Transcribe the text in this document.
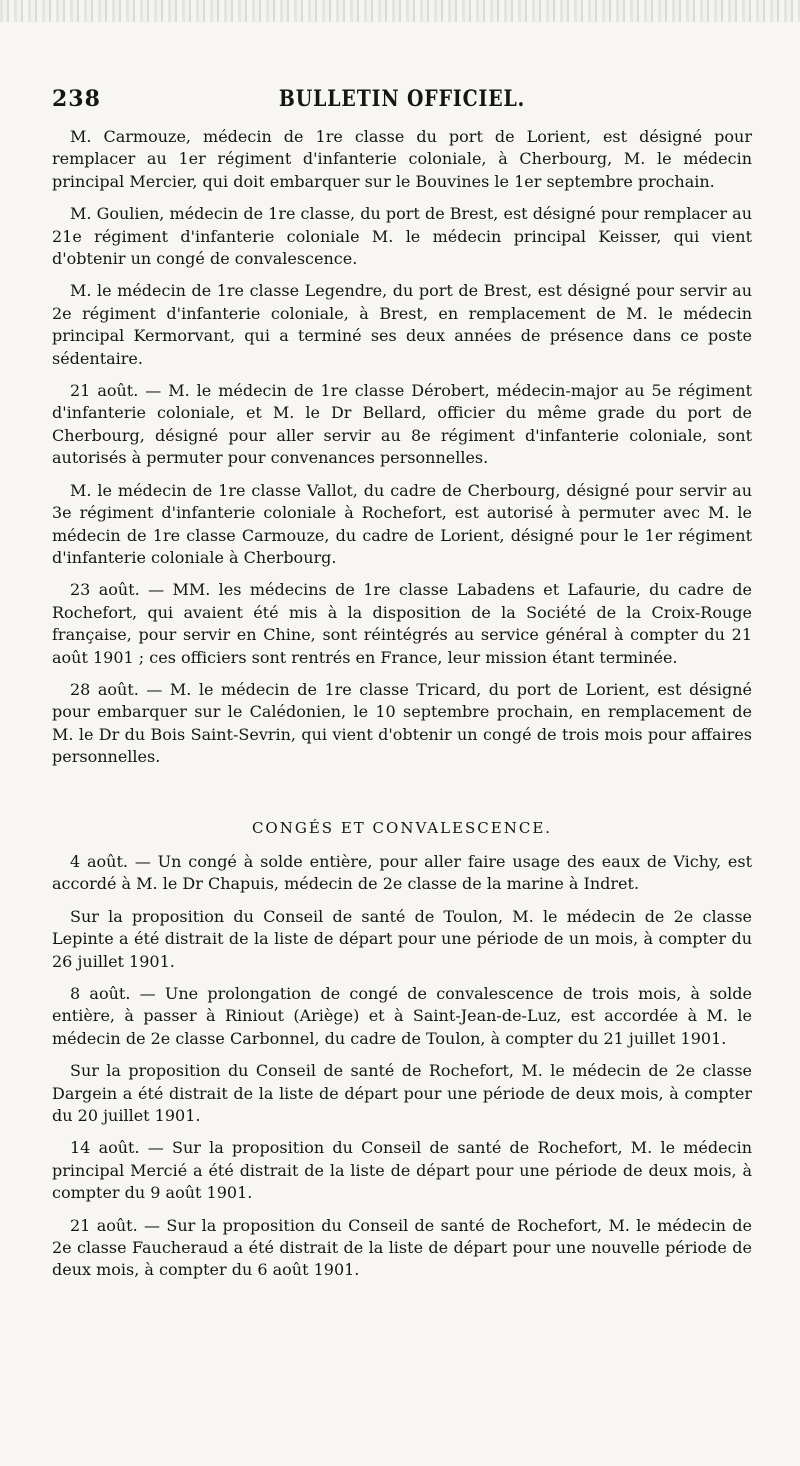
238	BULLETIN OFFICIEL.

M. Carmouze, médecin de 1re classe du port de Lorient, est désigné pour remplacer au 1er régiment d'infanterie coloniale, à Cherbourg, M. le médecin principal Mercier, qui doit embarquer sur le Bouvines le 1er septembre prochain.

M. Goulien, médecin de 1re classe, du port de Brest, est désigné pour remplacer au 21e régiment d'infanterie coloniale M. le médecin principal Keisser, qui vient d'obtenir un congé de convalescence.

M. le médecin de 1re classe Legendre, du port de Brest, est désigné pour servir au 2e régiment d'infanterie coloniale, à Brest, en remplacement de M. le médecin principal Kermorvant, qui a terminé ses deux années de présence dans ce poste sédentaire.

21 août. — M. le médecin de 1re classe Dérobert, médecin-major au 5e régiment d'infanterie coloniale, et M. le Dr Bellard, officier du même grade du port de Cherbourg, désigné pour aller servir au 8e régiment d'infanterie coloniale, sont autorisés à permuter pour convenances personnelles.

M. le médecin de 1re classe Vallot, du cadre de Cherbourg, désigné pour servir au 3e régiment d'infanterie coloniale à Rochefort, est autorisé à permuter avec M. le médecin de 1re classe Carmouze, du cadre de Lorient, désigné pour le 1er régiment d'infanterie coloniale à Cherbourg.

23 août. — MM. les médecins de 1re classe Labadens et Lafaurie, du cadre de Rochefort, qui avaient été mis à la disposition de la Société de la Croix-Rouge française, pour servir en Chine, sont réintégrés au service général à compter du 21 août 1901 ; ces officiers sont rentrés en France, leur mission étant terminée.

28 août. — M. le médecin de 1re classe Tricard, du port de Lorient, est désigné pour embarquer sur le Calédonien, le 10 septembre prochain, en remplacement de M. le Dr du Bois Saint-Sevrin, qui vient d'obtenir un congé de trois mois pour affaires personnelles.

CONGÉS ET CONVALESCENCE.

4 août. — Un congé à solde entière, pour aller faire usage des eaux de Vichy, est accordé à M. le Dr Chapuis, médecin de 2e classe de la marine à Indret.

Sur la proposition du Conseil de santé de Toulon, M. le médecin de 2e classe Lepinte a été distrait de la liste de départ pour une période de un mois, à compter du 26 juillet 1901.

8 août. — Une prolongation de congé de convalescence de trois mois, à solde entière, à passer à Riniout (Ariège) et à Saint-Jean-de-Luz, est accordée à M. le médecin de 2e classe Carbonnel, du cadre de Toulon, à compter du 21 juillet 1901.

Sur la proposition du Conseil de santé de Rochefort, M. le médecin de 2e classe Dargein a été distrait de la liste de départ pour une période de deux mois, à compter du 20 juillet 1901.

14 août. — Sur la proposition du Conseil de santé de Rochefort, M. le médecin principal Mercié a été distrait de la liste de départ pour une période de deux mois, à compter du 9 août 1901.

21 août. — Sur la proposition du Conseil de santé de Rochefort, M. le médecin de 2e classe Faucheraud a été distrait de la liste de départ pour une nouvelle période de deux mois, à compter du 6 août 1901.
